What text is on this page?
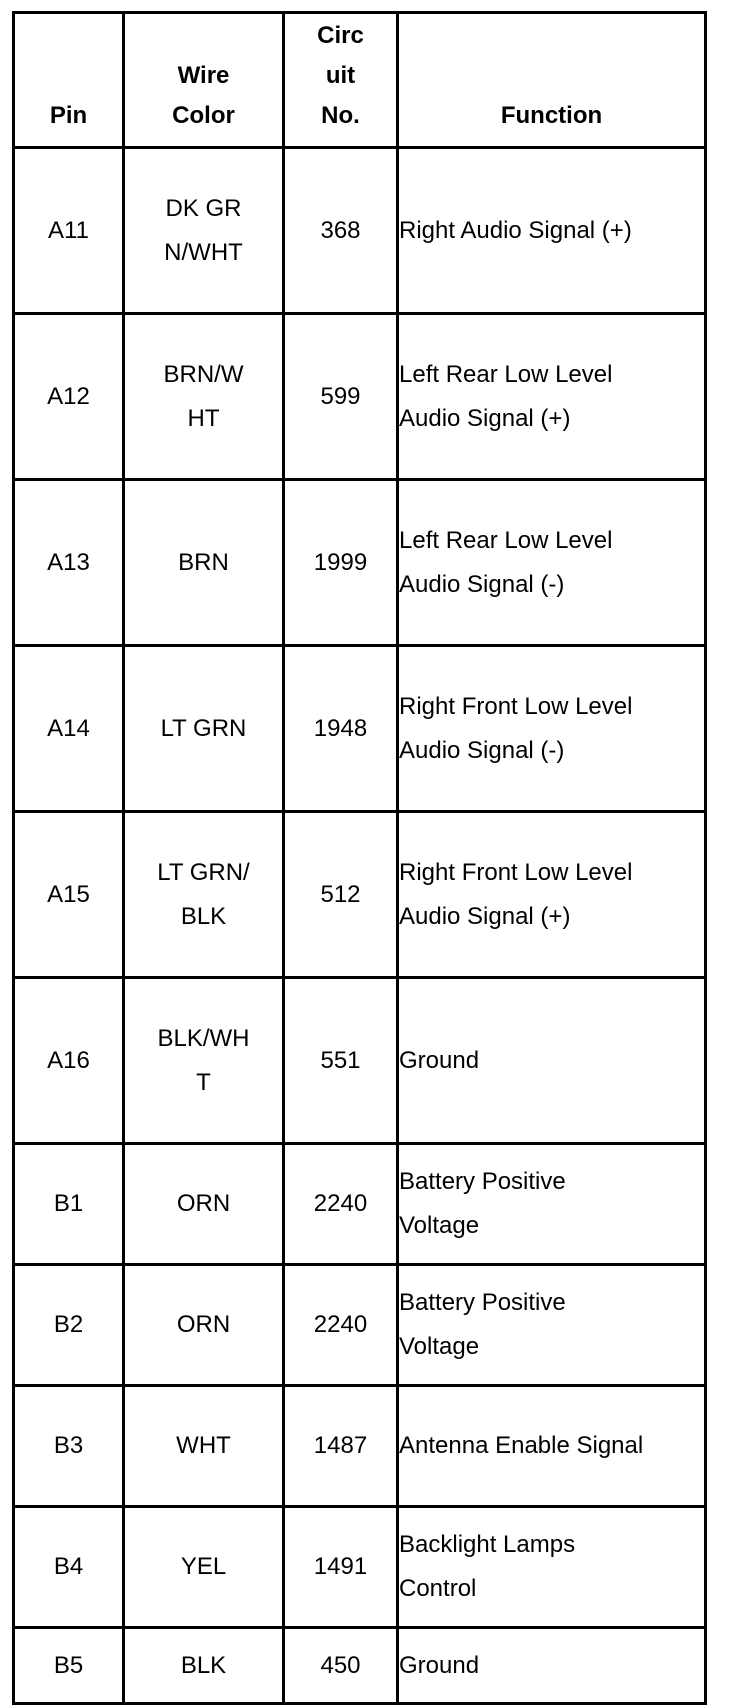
Pin	Wire Color	Circuit No.	Function
A11	DK GRN/WHT	368	Right Audio Signal (+)
A12	BRN/WHT	599	Left Rear Low Level Audio Signal (+)
A13	BRN	1999	Left Rear Low Level Audio Signal (-)
A14	LT GRN	1948	Right Front Low Level Audio Signal (-)
A15	LT GRN/BLK	512	Right Front Low Level Audio Signal (+)
A16	BLK/WHT	551	Ground
B1	ORN	2240	Battery Positive Voltage
B2	ORN	2240	Battery Positive Voltage
B3	WHT	1487	Antenna Enable Signal
B4	YEL	1491	Backlight Lamps Control
B5	BLK	450	Ground
